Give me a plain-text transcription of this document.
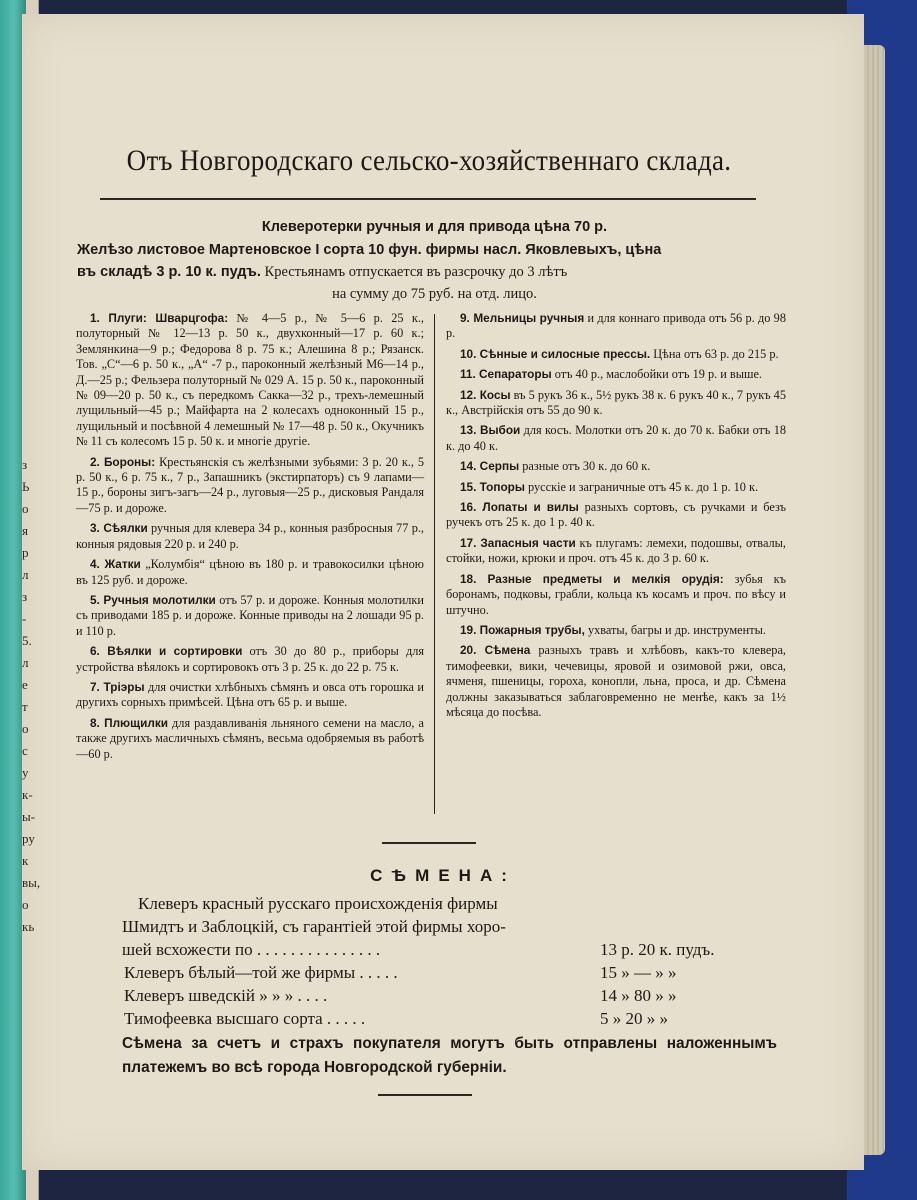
з
Ь
о
я
р
л
з
-
5.
л
е
т
о
с
у
к-
ы-
ру
к
вы,
о
кь
Отъ Новгородскаго сельско-хозяйственнаго склада.
Клеверотерки ручныя и для привода цѣна 70 р.
Желѣзо листовое Мартеновское I сорта 10 фун. фирмы насл. Яковлевыхъ, цѣна
въ складѣ 3 р. 10 к. пудъ. Крестьянамъ отпускается въ разсрочку до 3 лѣтъ
на сумму до 75 руб. на отд. лицо.
1. Плуги: Шварцгофа: № 4—5 р., № 5—6 р. 25 к., полуторный № 12—13 р. 50 к., двухконный—17 р. 60 к.; Землянкина—9 р.; Федорова 8 р. 75 к.; Алешина 8 р.; Рязанск. Тов. „С“—6 р. 50 к., „А“ -7 р., пароконный желѣзный М6—14 р., Д.—25 р.; Фельзера полуторный № 029 А. 15 р. 50 к., пароконный № 09—20 р. 50 к., съ передкомъ Сакка—32 р., трехъ-лемешный лущильный—45 р.; Майфарта на 2 колесахъ одноконный 15 р., лущильный и посѣвной 4 лемешный № 17—48 р. 50 к., Окучникъ № 11 съ колесомъ 15 р. 50 к. и многіе другіе.
2. Бороны: Крестьянскія съ желѣзными зубьями: 3 р. 20 к., 5 р. 50 к., 6 р. 75 к., 7 р., Запашникъ (экстирпаторъ) съ 9 лапами—15 р., бороны зигъ-загъ—24 р., луговыя—25 р., дисковыя Рандаля—75 р. и дороже.
3. Сѣялки ручныя для клевера 34 р., конныя разбросныя 77 р., конныя рядовыя 220 р. и 240 р.
4. Жатки „Колумбія“ цѣною въ 180 р. и травокосилки цѣною въ 125 руб. и дороже.
5. Ручныя молотилки отъ 57 р. и дороже. Конныя молотилки съ приводами 185 р. и дороже. Конные приводы на 2 лошади 95 р. и 110 р.
6. Вѣялки и сортировки отъ 30 до 80 р., приборы для устройства вѣялокъ и сортировокъ отъ 3 р. 25 к. до 22 р. 75 к.
7. Тріэры для очистки хлѣбныхъ сѣмянъ и овса отъ горошка и другихъ сорныхъ примѣсей. Цѣна отъ 65 р. и выше.
8. Плющилки для раздавливанія льняного семени на масло, а также другихъ масличныхъ сѣмянъ, весьма одобряемыя въ работѣ—60 р.
9. Мельницы ручныя и для коннаго привода отъ 56 р. до 98 р.
10. Сѣнные и силосные прессы. Цѣна отъ 63 р. до 215 р.
11. Сепараторы отъ 40 р., маслобойки отъ 19 р. и выше.
12. Косы въ 5 рукъ 36 к., 5½ рукъ 38 к. 6 рукъ 40 к., 7 рукъ 45 к., Австрійскія отъ 55 до 90 к.
13. Выбои для косъ. Молотки отъ 20 к. до 70 к. Бабки отъ 18 к. до 40 к.
14. Серпы разные отъ 30 к. до 60 к.
15. Топоры русскіе и заграничные отъ 45 к. до 1 р. 10 к.
16. Лопаты и вилы разныхъ сортовъ, съ ручками и безъ ручекъ отъ 25 к. до 1 р. 40 к.
17. Запасныя части къ плугамъ: лемехи, подошвы, отвалы, стойки, ножи, крюки и проч. отъ 45 к. до 3 р. 60 к.
18. Разные предметы и мелкія орудія: зубья къ боронамъ, подковы, грабли, кольца къ косамъ и проч. по вѣсу и штучно.
19. Пожарныя трубы, ухваты, багры и др. инструменты.
20. Сѣмена разныхъ травъ и хлѣбовъ, какъ-то клевера, тимофеевки, вики, чечевицы, яровой и озимовой ржи, овса, ячменя, пшеницы, гороха, конопли, льна, проса, и др. Сѣмена должны заказываться заблаговременно не менѣе, какъ за 1½ мѣсяца до посѣва.
СѢМЕНА:
Клеверъ красный русскаго происхожденія фирмы
Шмидтъ и Заблоцкій, съ гарантіей этой фирмы хоро-
шей всхожести по . . . . . . . . . . . . . . .	13 р. 20 к. пудъ.
Клеверъ бѣлый—той же фирмы . . . . .	15 » — » »
Клеверъ шведскій » » » . . . .	14 » 80 » »
Тимофеевка высшаго сорта . . . . .	5 » 20 » »
Сѣмена за счетъ и страхъ покупателя могутъ быть отправлены наложеннымъ платежемъ во всѣ города Новгородской губерніи.
